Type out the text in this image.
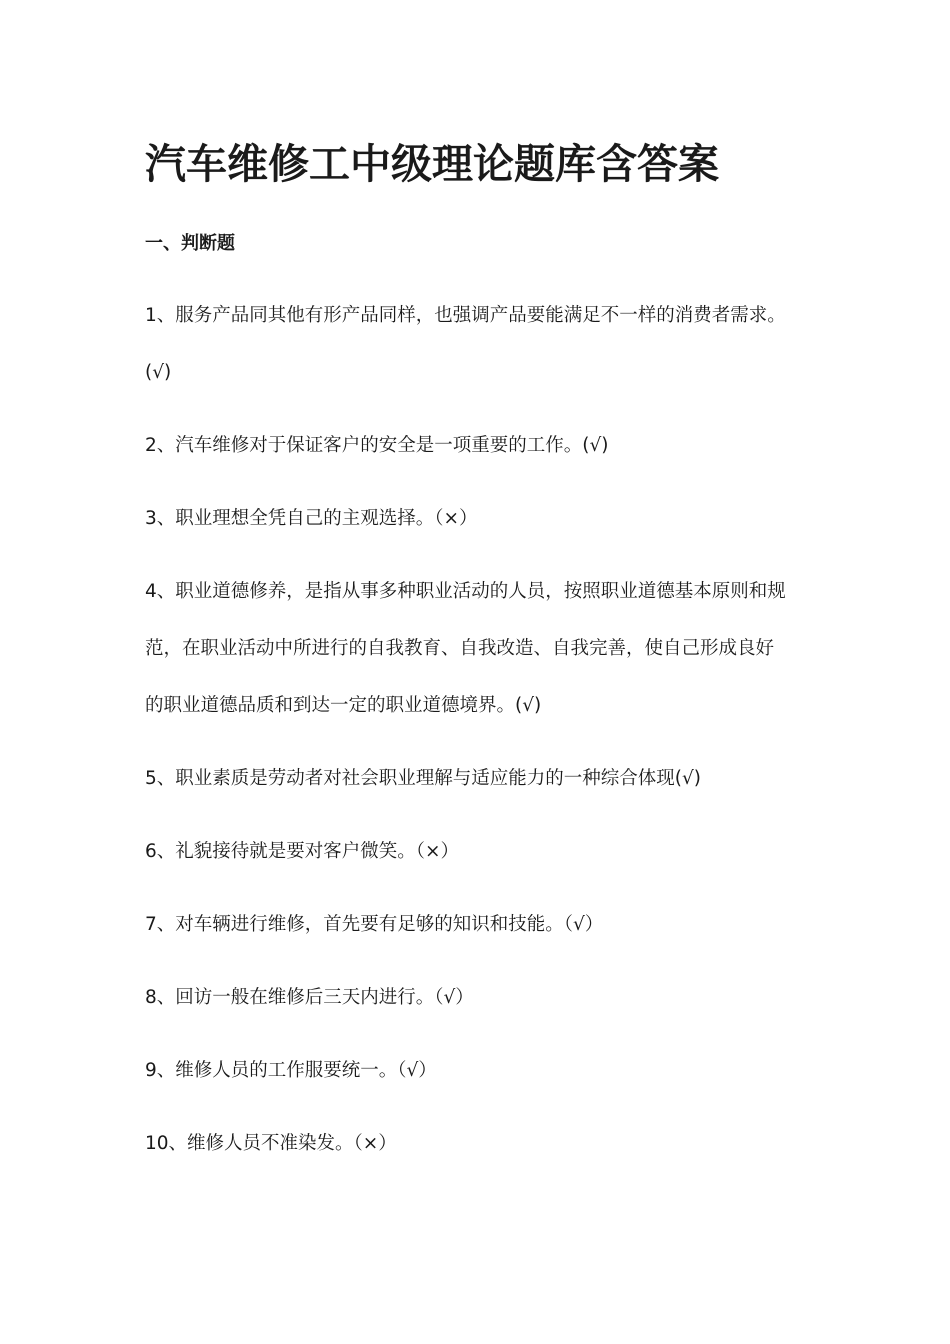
汽车维修工中级理论题库含答案
一、判断题
1、服务产品同其他有形产品同样，也强调产品要能满足不一样的消费者需求。
(√)
2、汽车维修对于保证客户的安全是一项重要的工作。(√)
3、职业理想全凭自己的主观选择。（×）
4、职业道德修养，是指从事多种职业活动的人员，按照职业道德基本原则和规
范，在职业活动中所进行的自我教育、自我改造、自我完善，使自己形成良好
的职业道德品质和到达一定的职业道德境界。(√)
5、职业素质是劳动者对社会职业理解与适应能力的一种综合体现(√)
6、礼貌接待就是要对客户微笑。（×）
7、对车辆进行维修，首先要有足够的知识和技能。（√）
8、回访一般在维修后三天内进行。（√）
9、维修人员的工作服要统一。（√）
10、维修人员不准染发。（×）
